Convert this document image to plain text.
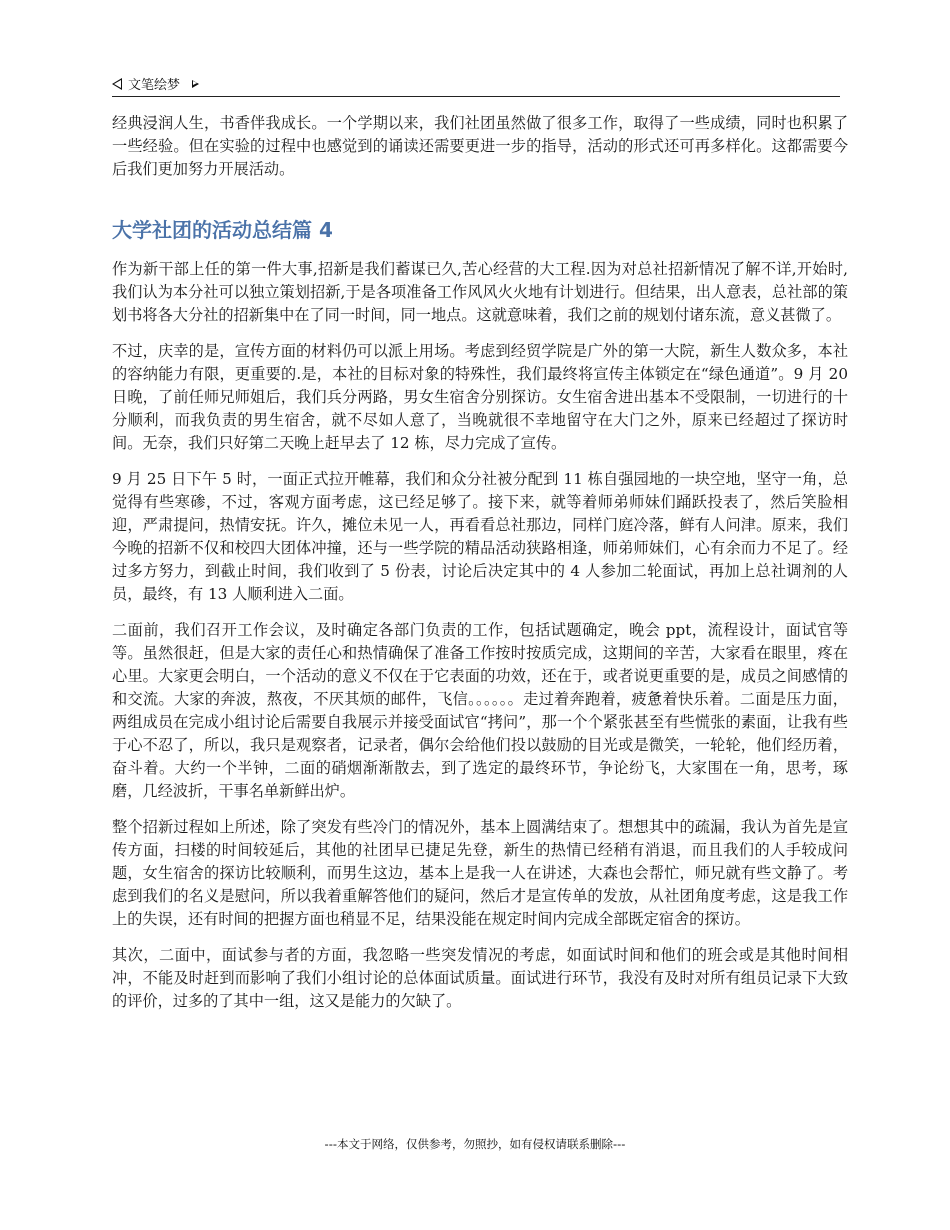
文笔绘梦

经典浸润人生，书香伴我成长。一个学期以来，我们社团虽然做了很多工作，取得了一些成绩，同时也积累了一些经验。但在实验的过程中也感觉到的诵读还需要更进一步的指导，活动的形式还可再多样化。这都需要今后我们更加努力开展活动。

大学社团的活动总结篇 4

作为新干部上任的第一件大事,招新是我们蓄谋已久,苦心经营的大工程.因为对总社招新情况了解不详,开始时,我们认为本分社可以独立策划招新,于是各项准备工作风风火火地有计划进行。但结果，出人意表，总社部的策划书将各大分社的招新集中在了同一时间，同一地点。这就意味着，我们之前的规划付诸东流，意义甚微了。

不过，庆幸的是，宣传方面的材料仍可以派上用场。考虑到经贸学院是广外的第一大院，新生人数众多，本社的容纳能力有限，更重要的.是，本社的目标对象的特殊性，我们最终将宣传主体锁定在“绿色通道”。9 月 20 日晚，了前任师兄师姐后，我们兵分两路，男女生宿舍分别探访。女生宿舍进出基本不受限制，一切进行的十分顺利，而我负责的男生宿舍，就不尽如人意了，当晚就很不幸地留守在大门之外，原来已经超过了探访时间。无奈，我们只好第二天晚上赶早去了 12 栋，尽力完成了宣传。

9 月 25 日下午 5 时，一面正式拉开帷幕，我们和众分社被分配到 11 栋自强园地的一块空地，坚守一角，总觉得有些寒碜，不过，客观方面考虑，这已经足够了。接下来，就等着师弟师妹们踊跃投表了，然后笑脸相迎，严肃提问，热情安抚。许久，摊位未见一人，再看看总社那边，同样门庭冷落，鲜有人问津。原来，我们今晚的招新不仅和校四大团体冲撞，还与一些学院的精品活动狭路相逢，师弟师妹们，心有余而力不足了。经过多方努力，到截止时间，我们收到了 5 份表，讨论后决定其中的 4 人参加二轮面试，再加上总社调剂的人员，最终，有 13 人顺利进入二面。

二面前，我们召开工作会议，及时确定各部门负责的工作，包括试题确定，晚会 ppt，流程设计，面试官等等。虽然很赶，但是大家的责任心和热情确保了准备工作按时按质完成，这期间的辛苦，大家看在眼里，疼在心里。大家更会明白，一个活动的意义不仅在于它表面的功效，还在于，或者说更重要的是，成员之间感情的和交流。大家的奔波，熬夜，不厌其烦的邮件，飞信。。。。。。走过着奔跑着，疲惫着快乐着。二面是压力面，两组成员在完成小组讨论后需要自我展示并接受面试官“拷问”，那一个个紧张甚至有些慌张的素面，让我有些于心不忍了，所以，我只是观察者，记录者，偶尔会给他们投以鼓励的目光或是微笑，一轮轮，他们经历着，奋斗着。大约一个半钟，二面的硝烟渐渐散去，到了选定的最终环节，争论纷飞，大家围在一角，思考，琢磨，几经波折，干事名单新鲜出炉。

整个招新过程如上所述，除了突发有些冷门的情况外，基本上圆满结束了。想想其中的疏漏，我认为首先是宣传方面，扫楼的时间较延后，其他的社团早已捷足先登，新生的热情已经稍有消退，而且我们的人手较成问题，女生宿舍的探访比较顺利，而男生这边，基本上是我一人在讲述，大森也会帮忙，师兄就有些文静了。考虑到我们的名义是慰问，所以我着重解答他们的疑问，然后才是宣传单的发放，从社团角度考虑，这是我工作上的失误，还有时间的把握方面也稍显不足，结果没能在规定时间内完成全部既定宿舍的探访。

其次，二面中，面试参与者的方面，我忽略一些突发情况的考虑，如面试时间和他们的班会或是其他时间相冲，不能及时赶到而影响了我们小组讨论的总体面试质量。面试进行环节，我没有及时对所有组员记录下大致的评价，过多的了其中一组，这又是能力的欠缺了。

---本文于网络，仅供参考，勿照抄，如有侵权请联系删除---
